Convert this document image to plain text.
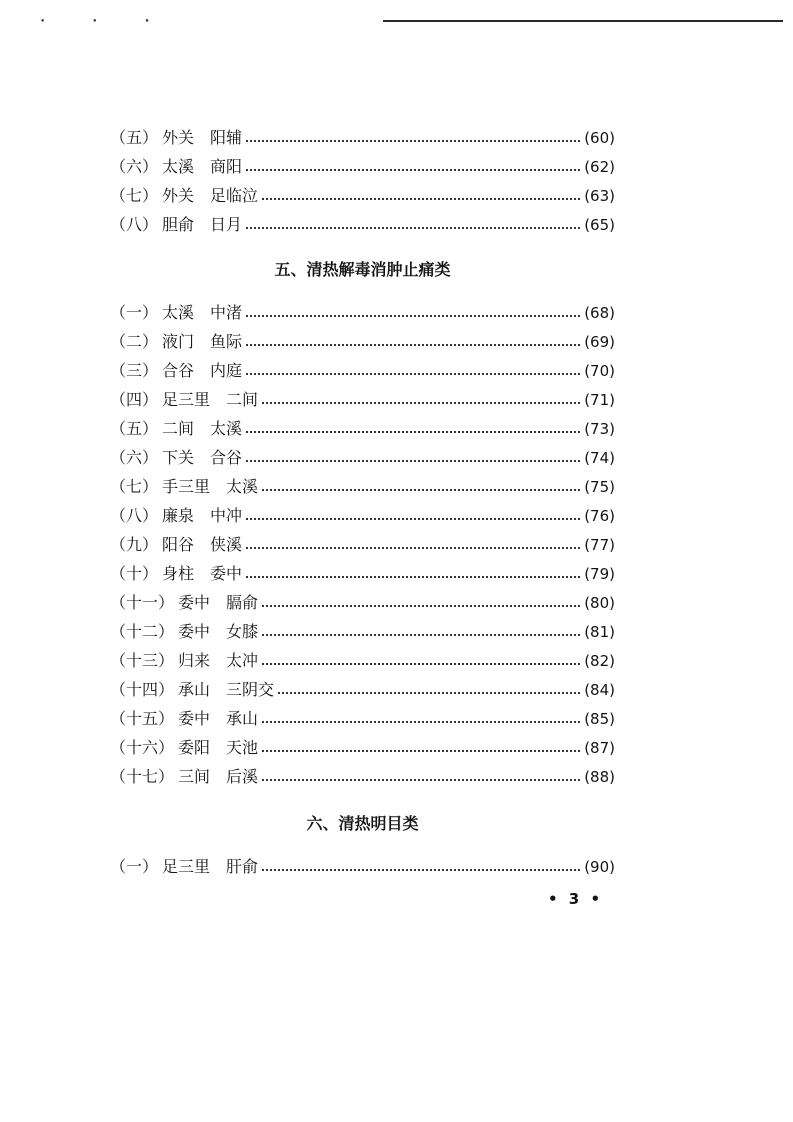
• • •
（五） 外关　阳辅	(60)
（六） 太溪　商阳	(62)
（七） 外关　足临泣	(63)
（八） 胆俞　日月	(65)
五、清热解毒消肿止痛类
（一） 太溪　中渚	(68)
（二） 液门　鱼际	(69)
（三） 合谷　内庭	(70)
（四） 足三里　二间	(71)
（五） 二间　太溪	(73)
（六） 下关　合谷	(74)
（七） 手三里　太溪	(75)
（八） 廉泉　中冲	(76)
（九） 阳谷　侠溪	(77)
（十） 身柱　委中	(79)
（十一） 委中　膈俞	(80)
（十二） 委中　女膝	(81)
（十三） 归来　太冲	(82)
（十四） 承山　三阴交	(84)
（十五） 委中　承山	(85)
（十六） 委阳　天池	(87)
（十七） 三间　后溪	(88)
六、清热明目类
（一） 足三里　肝俞	(90)
• 3 •
